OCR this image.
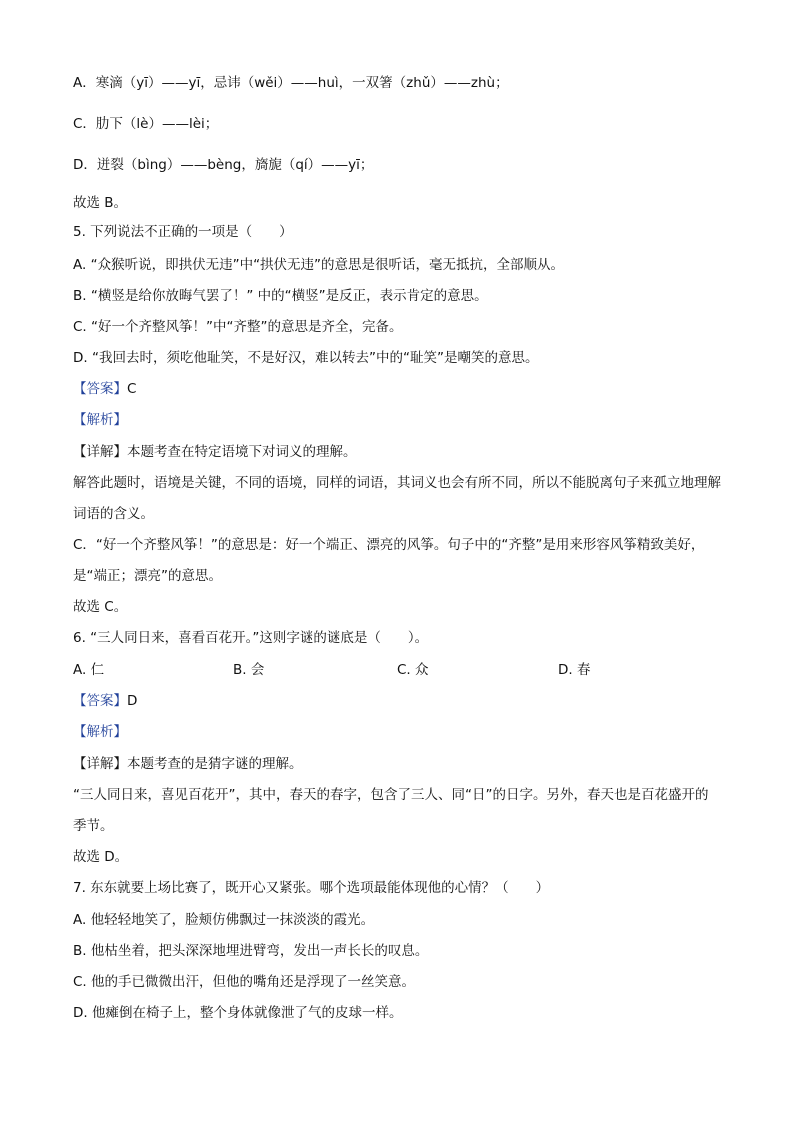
A．寒滴（yī）——yī，忌讳（wěi）——huì，一双箸（zhǔ）——zhù；
C．肋下（lè）——lèi；
D．迸裂（bìng）——bèng，旖旎（qí）——yī；
故选 B。
5. 下列说法不正确的一项是（　　）
A. “众猴听说，即拱伏无违”中“拱伏无违”的意思是很听话，毫无抵抗，全部顺从。
B. “横竖是给你放晦气罢了！” 中的“横竖”是反正，表示肯定的意思。
C. “好一个齐整风筝！”中“齐整”的意思是齐全，完备。
D. “我回去时，须吃他耻笑，不是好汉，难以转去”中的“耻笑”是嘲笑的意思。
【答案】C
【解析】
【详解】本题考查在特定语境下对词义的理解。
解答此题时，语境是关键，不同的语境，同样的词语，其词义也会有所不同，所以不能脱离句子来孤立地理解词语的含义。
C．“好一个齐整风筝！”的意思是：好一个端正、漂亮的风筝。句子中的“齐整”是用来形容风筝精致美好，是“端正；漂亮”的意思。
故选 C。
6. “三人同日来，喜看百花开。”这则字谜的谜底是（　　）。
A. 仁	B. 会	C. 众	D. 春
【答案】D
【解析】
【详解】本题考查的是猜字谜的理解。
“三人同日来，喜见百花开”，其中，春天的春字，包含了三人、同“日”的日字。另外，春天也是百花盛开的季节。
故选 D。
7. 东东就要上场比赛了，既开心又紧张。哪个选项最能体现他的心情？（　　）
A. 他轻轻地笑了，脸颊仿佛飘过一抹淡淡的霞光。
B. 他枯坐着，把头深深地埋进臂弯，发出一声长长的叹息。
C. 他的手已微微出汗，但他的嘴角还是浮现了一丝笑意。
D. 他瘫倒在椅子上，整个身体就像泄了气的皮球一样。
